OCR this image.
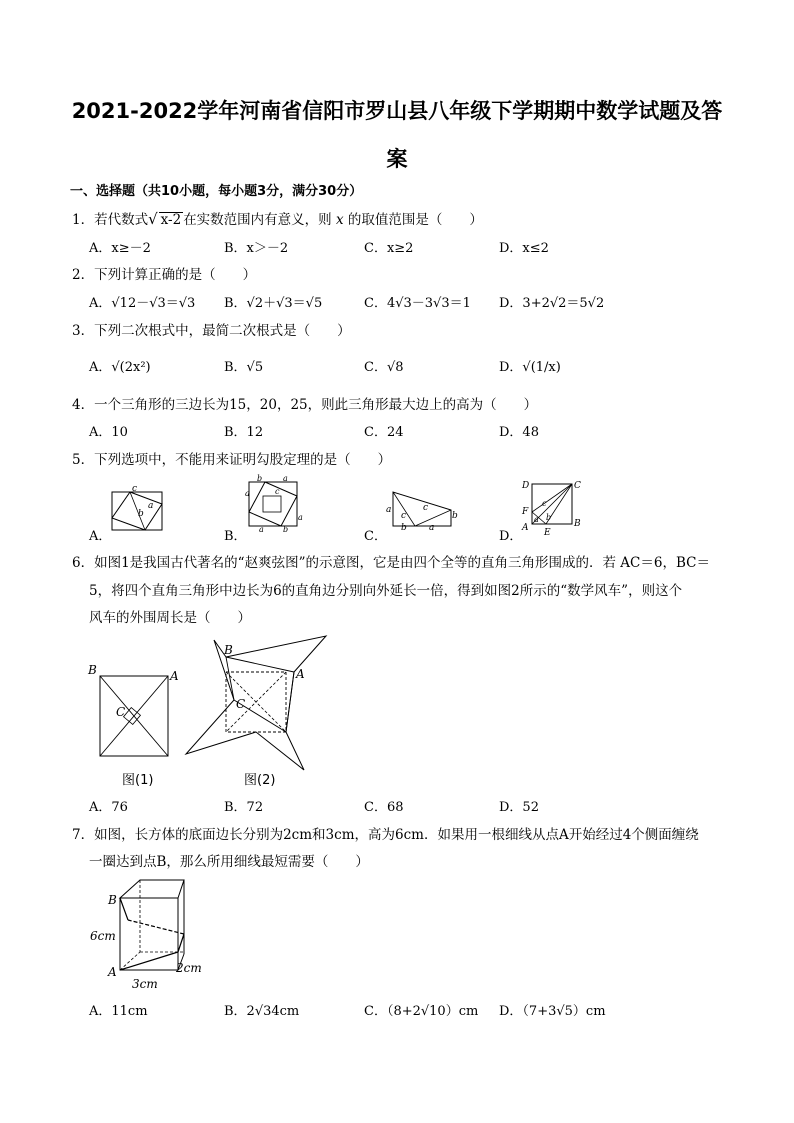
2021-2022学年河南省信阳市罗山县八年级下学期期中数学试题及答
案
一、选择题（共10小题，每小题3分，满分30分）
1．若代数式√ x-2 在实数范围内有意义，则 x 的取值范围是（　　）
A．x≥－2	B．x＞－2	C．x≥2	D．x≤2
2．下列计算正确的是（　　）
A．√12－√3＝√3 B．√2＋√3＝√5	C．4√3－3√3＝1 D．3+2√2＝5√2
3．下列二次根式中，最简二次根式是（　　）
A．√(2x²)	B．√5	C．√8	D．√(1/x)
4．一个三角形的三边长为15，20，25，则此三角形最大边上的高为（　　）
A．10	B．12	C．24	D．48
5．下列选项中，不能用来证明勾股定理的是（　　）
A．	B．	C．	D．
c
a
b
b	a
c
a
a
a b
a
c
c
b
b a
D	C
F
A	B
E
c
a b
6．如图1是我国古代著名的“赵爽弦图”的示意图，它是由四个全等的直角三角形围成的．若 AC＝6，BC＝
5，将四个直角三角形中边长为6的直角边分别向外延长一倍，得到如图2所示的“数学风车”，则这个
风车的外围周长是（　　）
B	A
C
图(1)
B
A
C
图(2)
A．76	B．72	C．68	D．52
7．如图，长方体的底面边长分别为2cm和3cm，高为6cm．如果用一根细线从点A开始经过4个侧面缠绕
一圈达到点B，那么所用细线最短需要（　　）
B
A
6cm
3cm
2cm
A．11cm	B．2√34cm	C．（8+2√10）cm D．（7+3√5）cm
